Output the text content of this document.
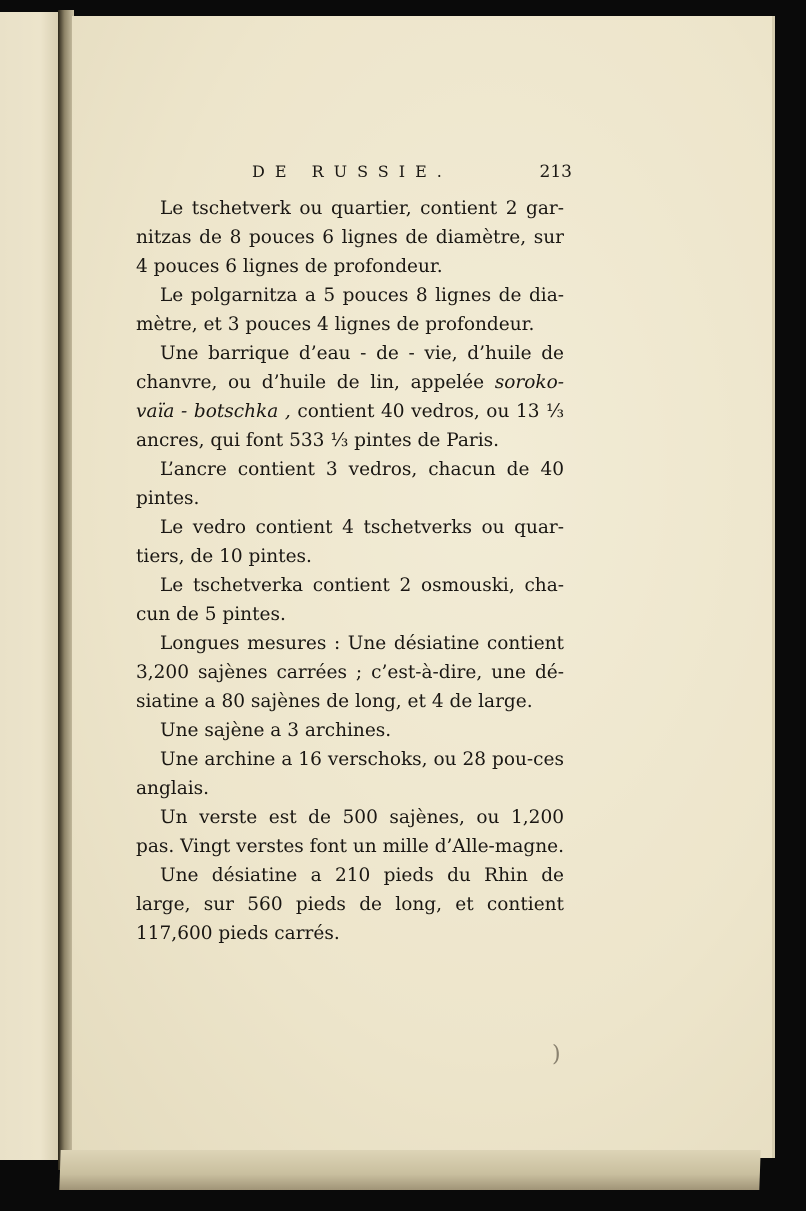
DE RUSSIE.	213

Le tschetverk ou quartier, contient 2 gar-nitzas de 8 pouces 6 lignes de diamètre, sur 4 pouces 6 lignes de profondeur.

Le polgarnitza a 5 pouces 8 lignes de dia-mètre, et 3 pouces 4 lignes de profondeur.

Une barrique d’eau - de - vie, d’huile de chanvre, ou d’huile de lin, appelée soroko-vaïa - botschka , contient 40 vedros, ou 13 ⅓ ancres, qui font 533 ⅓ pintes de Paris.

L’ancre contient 3 vedros, chacun de 40 pintes.

Le vedro contient 4 tschetverks ou quar-tiers, de 10 pintes.

Le tschetverka contient 2 osmouski, cha-cun de 5 pintes.

Longues mesures : Une désiatine contient 3,200 sajènes carrées ; c’est-à-dire, une dé-siatine a 80 sajènes de long, et 4 de large.

Une sajène a 3 archines.

Une archine a 16 verschoks, ou 28 pou-ces anglais.

Un verste est de 500 sajènes, ou 1,200 pas. Vingt verstes font un mille d’Alle-magne.

Une désiatine a 210 pieds du Rhin de large, sur 560 pieds de long, et contient 117,600 pieds carrés.

)
